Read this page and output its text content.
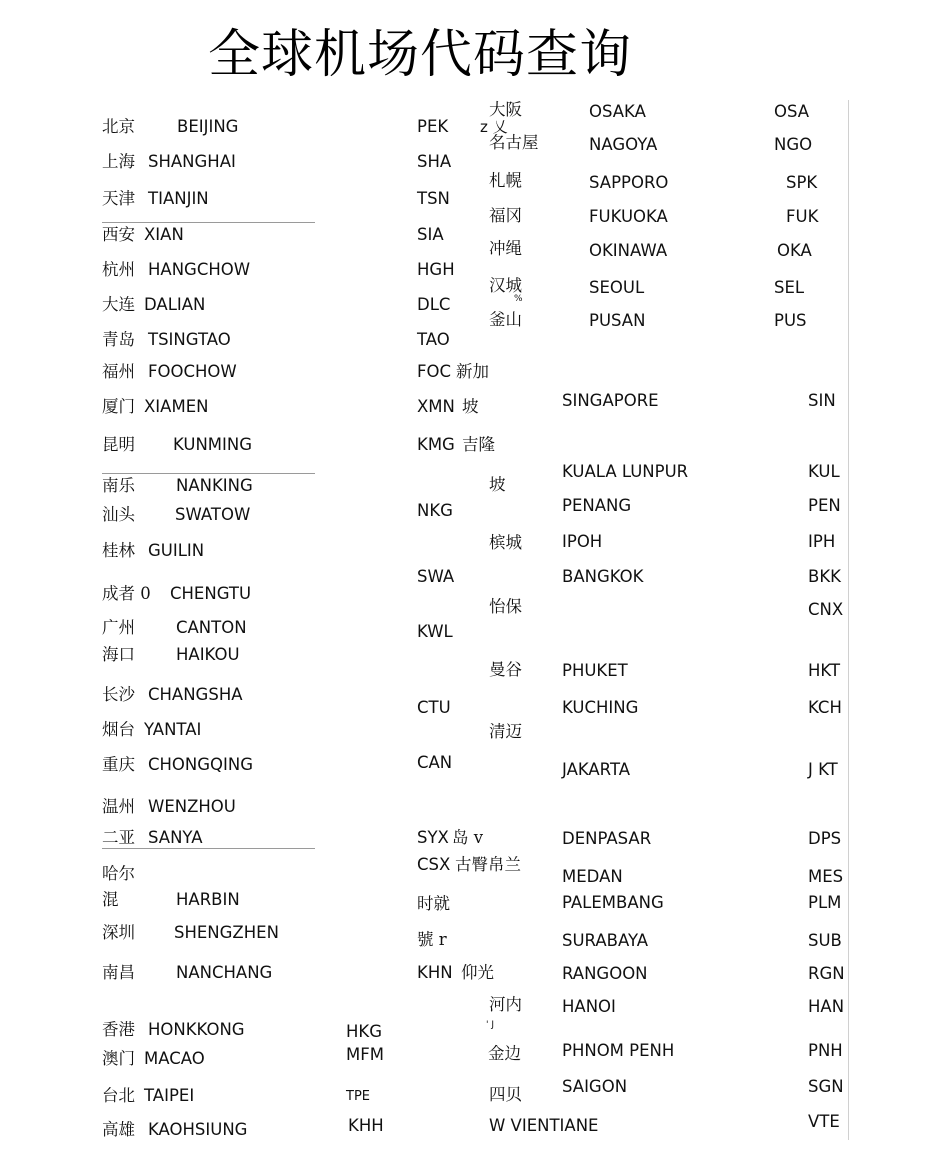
全球机场代码查询
北京
上海
天津
西安
杭州
大连
青岛
福州
厦门
昆明
南乐
汕头
桂林
成者 0
广州
海口
长沙
烟台
重庆
温州
二亚
哈尔
混
深圳
南昌
香港
澳门
台北
高雄
BEIJING
SHANGHAI
TIANJIN
XIAN
HANGCHOW
DALIAN
TSINGTAO
FOOCHOW
XIAMEN
KUNMING
NANKING
SWATOW
GUILIN
CHENGTU
CANTON
HAIKOU
CHANGSHA
YANTAI
CHONGQING
WENZHOU
SANYA
HARBIN
SHENGZHEN
NANCHANG
HONKKONG
MACAO
TAIPEI
KAOHSIUNG
PEK
SHA
TSN
SIA
HGH
DLC
TAO
FOC
XMN
KMG
NKG
SWA
KWL
CTU
CAN
SYX
CSX
时就
號 r
KHN
HKG
MFM
TPE
KHH
大阪
z 乂
名古屋
札幌
福冈
冲绳
汉城
%
釜山
新加
坡
吉隆
坡
槟城
怡保
曼谷
清迈
岛 v
古臀帛兰
仰光
河内
' J
金边
四贝
W VIENTIANE
OSAKA
NAGOYA
SAPPORO
FUKUOKA
OKINAWA
SEOUL
PUSAN
SINGAPORE
KUALA LUNPUR
PENANG
IPOH
BANGKOK
PHUKET
KUCHING
JAKARTA
DENPASAR
MEDAN
PALEMBANG
SURABAYA
RANGOON
HANOI
PHNOM PENH
SAIGON
OSA
NGO
SPK
FUK
OKA
SEL
PUS
SIN
KUL
PEN
IPH
BKK
CNX
HKT
KCH
J KT
DPS
MES
PLM
SUB
RGN
HAN
PNH
SGN
VTE
